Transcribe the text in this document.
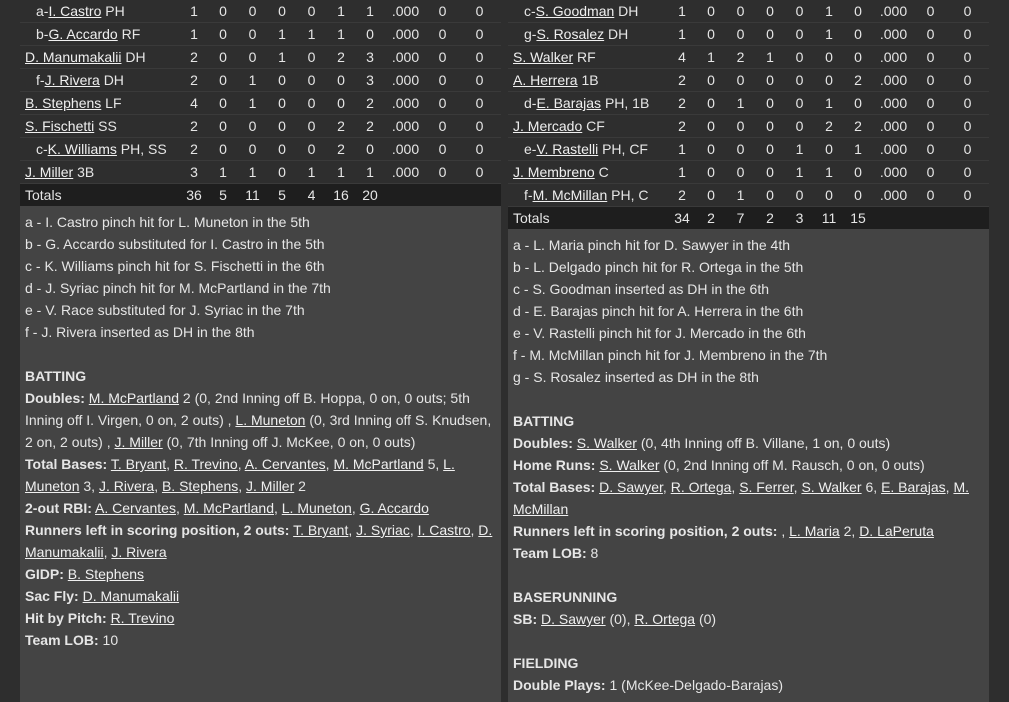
a-I. Castro PH	1	0	0	0	0	1	1	.000	0	0
b-G. Accardo RF	1	0	0	1	1	1	0	.000	0	0
D. Manumakalii DH	2	0	0	1	0	2	3	.000	0	0
f-J. Rivera DH	2	0	1	0	0	0	3	.000	0	0
B. Stephens LF	4	0	1	0	0	0	2	.000	0	0
S. Fischetti SS	2	0	0	0	0	2	2	.000	0	0
c-K. Williams PH, SS	2	0	0	0	0	2	0	.000	0	0
J. Miller 3B	3	1	1	0	1	1	1	.000	0	0
Totals	36	5	11	5	4	16	20			
a - I. Castro pinch hit for L. Muneton in the 5th
b - G. Accardo substituted for I. Castro in the 5th
c - K. Williams pinch hit for S. Fischetti in the 6th
d - J. Syriac pinch hit for M. McPartland in the 7th
e - V. Race substituted for J. Syriac in the 7th
f - J. Rivera inserted as DH in the 8th
BATTING
Doubles: M. McPartland 2 (0, 2nd Inning off B. Hoppa, 0 on, 0 outs; 5th Inning off I. Virgen, 0 on, 2 outs) , L. Muneton (0, 3rd Inning off S. Knudsen, 2 on, 2 outs) , J. Miller (0, 7th Inning off J. McKee, 0 on, 0 outs)
Total Bases: T. Bryant, R. Trevino, A. Cervantes, M. McPartland 5, L. Muneton 3, J. Rivera, B. Stephens, J. Miller 2
2-out RBI: A. Cervantes, M. McPartland, L. Muneton, G. Accardo
Runners left in scoring position, 2 outs: T. Bryant, J. Syriac, I. Castro, D. Manumakalii, J. Rivera
GIDP: B. Stephens
Sac Fly: D. Manumakalii
Hit by Pitch: R. Trevino
Team LOB: 10
c-S. Goodman DH	1	0	0	0	0	1	0	.000	0	0
g-S. Rosalez DH	1	0	0	0	0	1	0	.000	0	0
S. Walker RF	4	1	2	1	0	0	0	.000	0	0
A. Herrera 1B	2	0	0	0	0	0	2	.000	0	0
d-E. Barajas PH, 1B	2	0	1	0	0	1	0	.000	0	0
J. Mercado CF	2	0	0	0	0	2	2	.000	0	0
e-V. Rastelli PH, CF	1	0	0	0	1	0	1	.000	0	0
J. Membreno C	1	0	0	0	1	1	0	.000	0	0
f-M. McMillan PH, C	2	0	1	0	0	0	0	.000	0	0
Totals	34	2	7	2	3	11	15			
a - L. Maria pinch hit for D. Sawyer in the 4th
b - L. Delgado pinch hit for R. Ortega in the 5th
c - S. Goodman inserted as DH in the 6th
d - E. Barajas pinch hit for A. Herrera in the 6th
e - V. Rastelli pinch hit for J. Mercado in the 6th
f - M. McMillan pinch hit for J. Membreno in the 7th
g - S. Rosalez inserted as DH in the 8th
BATTING
Doubles: S. Walker (0, 4th Inning off B. Villane, 1 on, 0 outs)
Home Runs: S. Walker (0, 2nd Inning off M. Rausch, 0 on, 0 outs)
Total Bases: D. Sawyer, R. Ortega, S. Ferrer, S. Walker 6, E. Barajas, M. McMillan
Runners left in scoring position, 2 outs: , L. Maria 2, D. LaPeruta
Team LOB: 8
BASERUNNING
SB: D. Sawyer (0), R. Ortega (0)
FIELDING
Double Plays: 1 (McKee-Delgado-Barajas)
